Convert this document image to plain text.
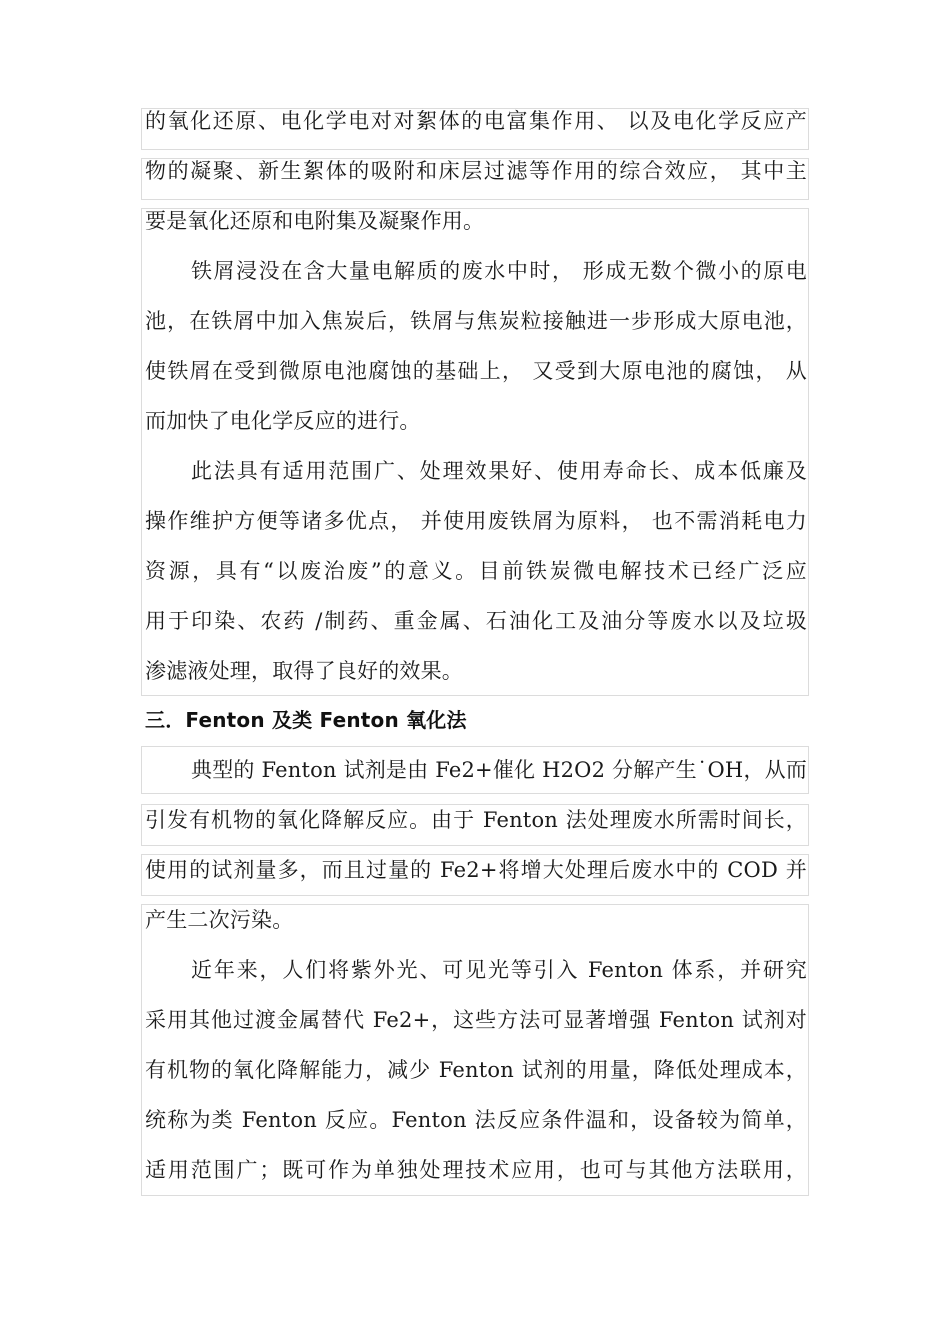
的氧化还原、电化学电对对絮体的电富集作用、 以及电化学反应产
物的凝聚、新生絮体的吸附和床层过滤等作用的综合效应， 其中主
要是氧化还原和电附集及凝聚作用。
铁屑浸没在含大量电解质的废水中时， 形成无数个微小的原电
池，在铁屑中加入焦炭后，铁屑与焦炭粒接触进一步形成大原电池，
使铁屑在受到微原电池腐蚀的基础上， 又受到大原电池的腐蚀， 从
而加快了电化学反应的进行。
此法具有适用范围广、处理效果好、使用寿命长、成本低廉及
操作维护方便等诸多优点， 并使用废铁屑为原料， 也不需消耗电力
资源，具有“以废治废”的意义。目前铁炭微电解技术已经广泛应
用于印染、农药 /制药、重金属、石油化工及油分等废水以及垃圾
渗滤液处理，取得了良好的效果。
三．Fenton 及类 Fenton 氧化法
典型的 Fenton 试剂是由 Fe2+催化 H2O2 分解产生˙OH，从而
引发有机物的氧化降解反应。由于 Fenton 法处理废水所需时间长，
使用的试剂量多，而且过量的 Fe2+将增大处理后废水中的 COD 并
产生二次污染。
近年来，人们将紫外光、可见光等引入 Fenton 体系，并研究
采用其他过渡金属替代 Fe2+，这些方法可显著增强 Fenton 试剂对
有机物的氧化降解能力，减少 Fenton 试剂的用量，降低处理成本，
统称为类 Fenton 反应。Fenton 法反应条件温和，设备较为简单，
适用范围广；既可作为单独处理技术应用，也可与其他方法联用，
